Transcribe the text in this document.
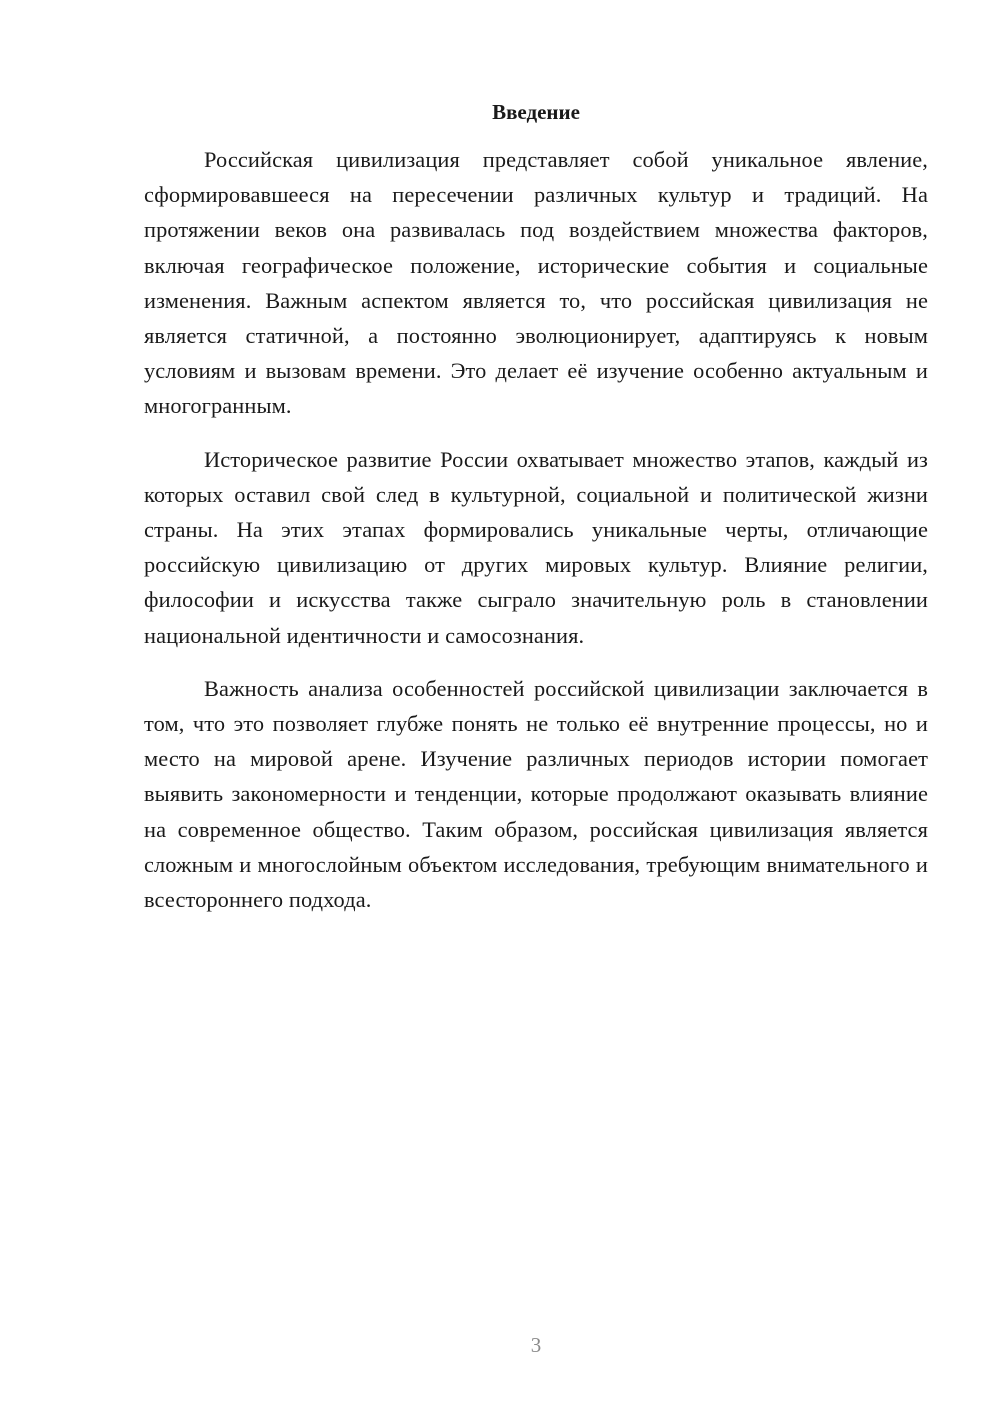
Введение

Российская цивилизация представляет собой уникальное явление, сформировавшееся на пересечении различных культур и традиций. На протяжении веков она развивалась под воздействием множества факторов, включая географическое положение, исторические события и социальные изменения. Важным аспектом является то, что российская цивилизация не является статичной, а постоянно эволюционирует, адаптируясь к новым условиям и вызовам времени. Это делает её изучение особенно актуальным и многогранным.

Историческое развитие России охватывает множество этапов, каждый из которых оставил свой след в культурной, социальной и политической жизни страны. На этих этапах формировались уникальные черты, отличающие российскую цивилизацию от других мировых культур. Влияние религии, философии и искусства также сыграло значительную роль в становлении национальной идентичности и самосознания.

Важность анализа особенностей российской цивилизации заключается в том, что это позволяет глубже понять не только её внутренние процессы, но и место на мировой арене. Изучение различных периодов истории помогает выявить закономерности и тенденции, которые продолжают оказывать влияние на современное общество. Таким образом, российская цивилизация является сложным и многослойным объектом исследования, требующим внимательного и всестороннего подхода.

3
